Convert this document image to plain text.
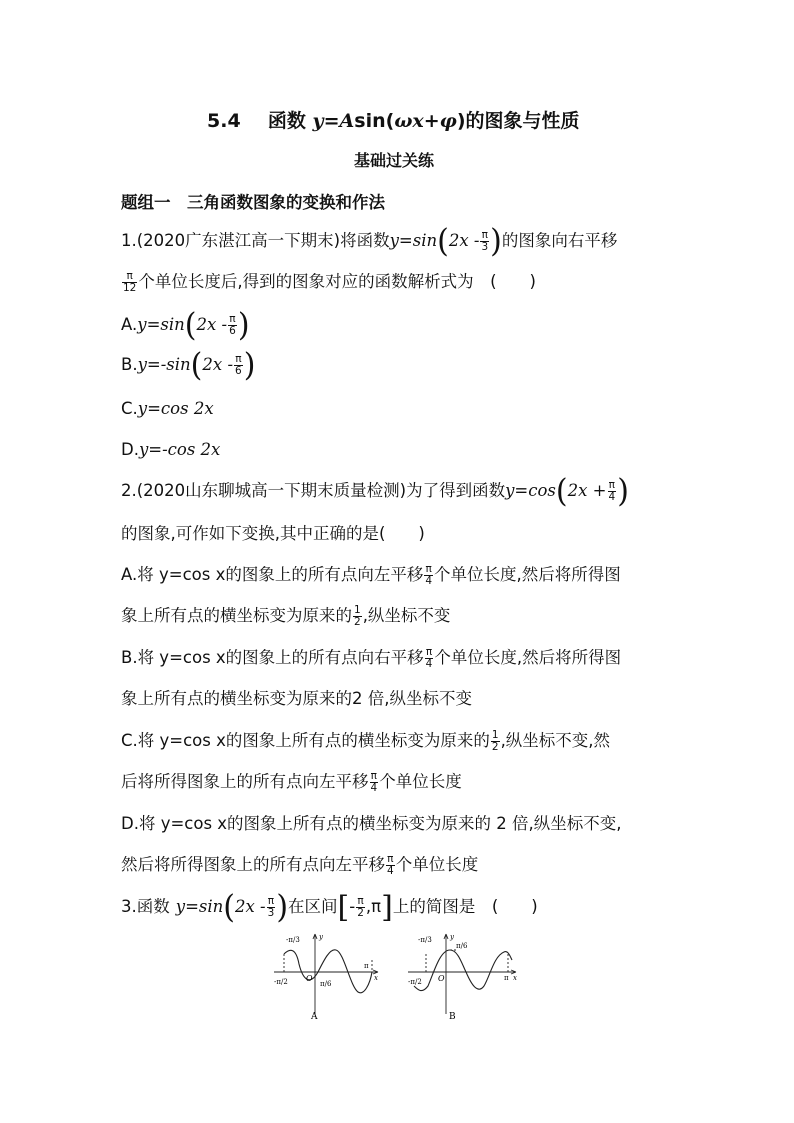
5.4 函数 y=Asin(ωx+φ)的图象与性质
基础过关练
题组一　三角函数图象的变换和作法
1.(2020广东湛江高一下期末)将函数$y=\sin(2x - \frac{\pi}{3}$ )的图象向右平移
$\frac{\pi}{12}$ 个单位长度后,得到的图象对应的函数解析式为　(　　)
$A.y=\sin(2x - \frac{\pi}{6}$ )
$B.y=-\sin(2x - \frac{\pi}{6}$ )
C.y=cos 2x
D.y=-cos 2x
2.(2020山东聊城高一下期末质量检测)为了得到函数$y=\cos(2x + \frac{\pi}{4}$ )
的图象,可作如下变换,其中正确的是(　　)
A.将 y=cos x的图象上的所有点向左平移 $\frac{\pi}{4}$ 个单位长度,然后将所得图
象上所有点的横坐标变为原来的 $\frac{1}{2}$ ,纵坐标不变
B.将 y=cos x的图象上的所有点向右平移 $\frac{\pi}{4}$ 个单位长度,然后将所得图
象上所有点的横坐标变为原来的2 倍,纵坐标不变
C.将 y=cos x的图象上所有点的横坐标变为原来的 $\frac{1}{2}$ ,纵坐标不变,然
后将所得图象上的所有点向左平移 $\frac{\pi}{4}$ 个单位长度
D.将 y=cos x的图象上所有点的横坐标变为原来的 2 倍,纵坐标不变,
然后将所得图象上的所有点向左平移 $\frac{\pi}{4}$ 个单位长度
3.函数 $y=\sin(2x - \frac{\pi}{3}$ )在区间[- $\frac{\pi}{2} ,\pi$]上的简图是　(　　)
-π/3
-π/2 O
π/6
π
y
x
A
-π/3
-π/2 O
π/6
π
y
x
B
